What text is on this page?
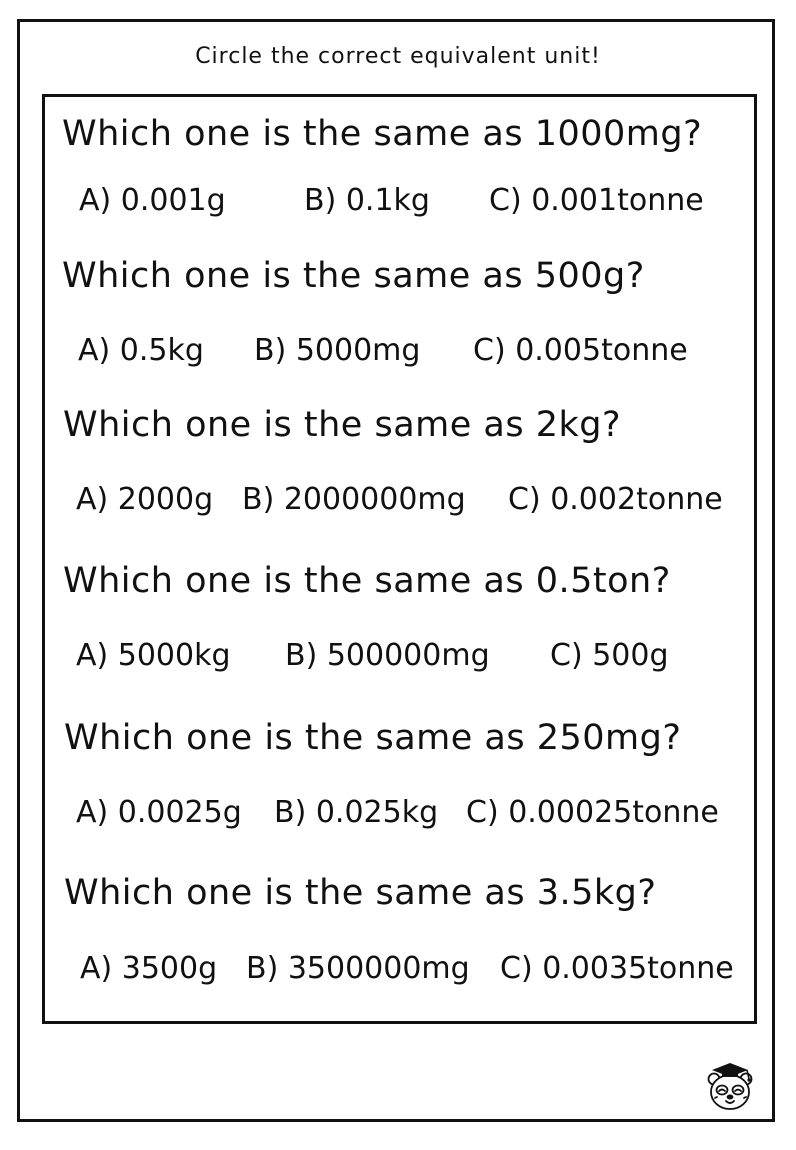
Circle the correct equivalent unit!
Which one is the same as 1000mg?
A) 0.001g	B) 0.1kg C) 0.001tonne
Which one is the same as 500g?
A) 0.5kg B) 5000mg C) 0.005tonne
Which one is the same as 2kg?
A) 2000g B) 2000000mg C) 0.002tonne
Which one is the same as 0.5ton?
A) 5000kg B) 500000mg C) 500g
Which one is the same as 250mg?
A) 0.0025g B) 0.025kg C) 0.00025tonne
Which one is the same as 3.5kg?
A) 3500g B) 3500000mg C) 0.0035tonne
